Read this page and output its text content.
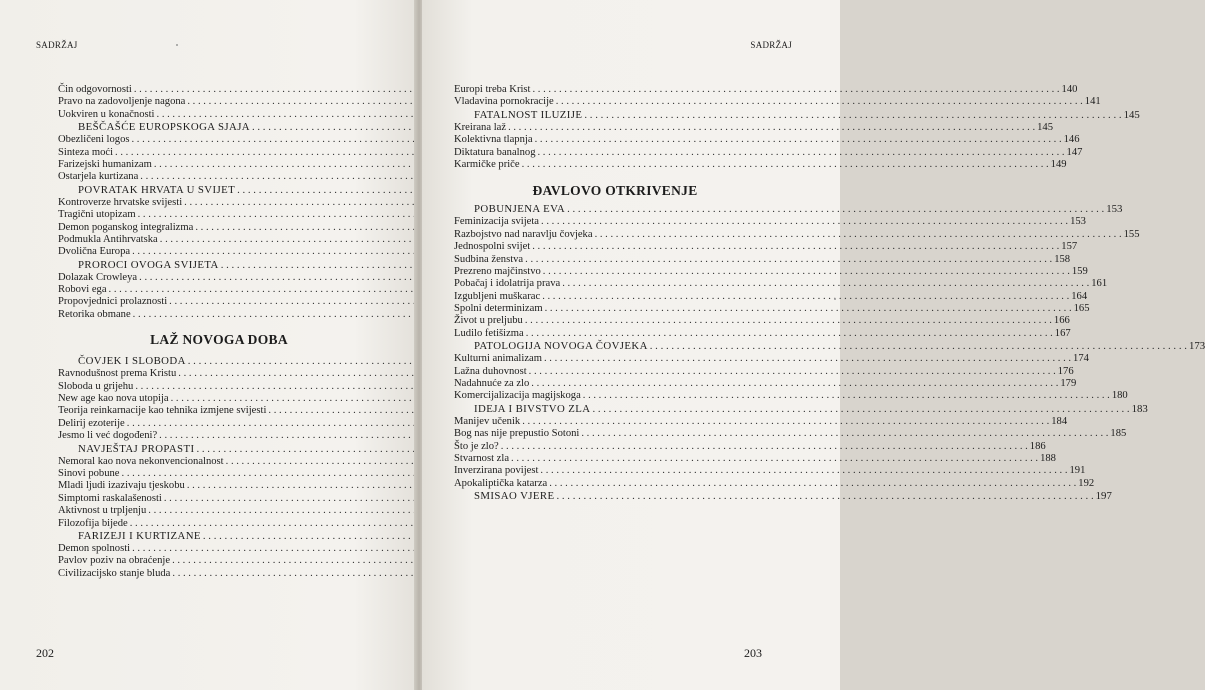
SADRŽAJ
Čin odgovornosti
. . .
Pravo na zadovoljenje nagona
. . .
Uokviren u konačnosti
. . .
BEŠČAŠĆE EUROPSKOGA SJAJA
. . .
Obezličeni logos
. . .
Sinteza moći
. . .
Farizejski humanizam
. . .
Ostarjela kurtizana
. . .
POVRATAK HRVATA U SVIJET
. . .
Kontroverze hrvatske svijesti
. . .
Tragični utopizam
. . .
Demon poganskog integralizma
. . .
Podmukla Antihrvatska
. . .
Dvolična Europa
. . .
PROROCI OVOGA SVIJETA
. . .
Dolazak Crowleya
. . .
Robovi ega
. . .
Propovjednici prolaznosti
. . .
Retorika obmane
. . .
LAŽ NOVOGA DOBA
ČOVJEK I SLOBODA
. . .
Ravnodušnost prema Kristu
. . .
Sloboda u grijehu
. . .
New age kao nova utopija
. . .
Teorija reinkarnacije kao tehnika izmjene svijesti
. . .
Delirij ezoterije
. . .
Jesmo li već dogođeni?
. . .
NAVJEŠTAJ PROPASTI
. . .
Nemoral kao nova nekonvencionalnost
. . .
Sinovi pobune
. . .
Mladi ljudi izazivaju tjeskobu
. . .
Simptomi raskalašenosti
. . .
Aktivnost u trpljenju
. . .
Filozofija bijede
. . .
FARIZEJI I KURTIZANE
. . .
Demon spolnosti
. . .
Pavlov poziv na obraćenje
. . .
Civilizacijsko stanje bluda
. . .
202
SADRŽAJ
Europi treba Krist . . .	140
Vladavina pornokracije . . .	141
FATALNOST ILUZIJE . . .	145
Kreirana laž . . .	145
Kolektivna tlapnja . . .	146
Diktatura banalnog . . .	147
Karmičke priče . . .	149
ĐAVLOVO OTKRIVENJE
POBUNJENA EVA . . .	153
Feminizacija svijeta . . .	153
Razbojstvo nad naravlju čovjeka . . .	155
Jednospolni svijet . . .	157
Sudbina ženstva . . .	158
Prezreno majčinstvo . . .	159
Pobačaj i idolatrija prava . . .	161
Izgubljeni muškarac . . .	164
Spolni determinizam . . .	165
Život u preljubu . . .	166
Ludilo fetišizma . . .	167
PATOLOGIJA NOVOGA ČOVJEKA . . .	173
Kulturni animalizam . . .	174
Lažna duhovnost . . .	176
Nadahnuće za zlo . . .	179
Komercijalizacija magijskoga . . .	180
IDEJA I BIVSTVO ZLA . . .	183
Manijev učenik . . .	184
Bog nas nije prepustio Sotoni . . .	185
Što je zlo? . . .	186
Stvarnost zla . . .	188
Inverzirana povijest . . .	191
Apokaliptička katarza . . .	192
SMISAO VJERE . . .	197
203
